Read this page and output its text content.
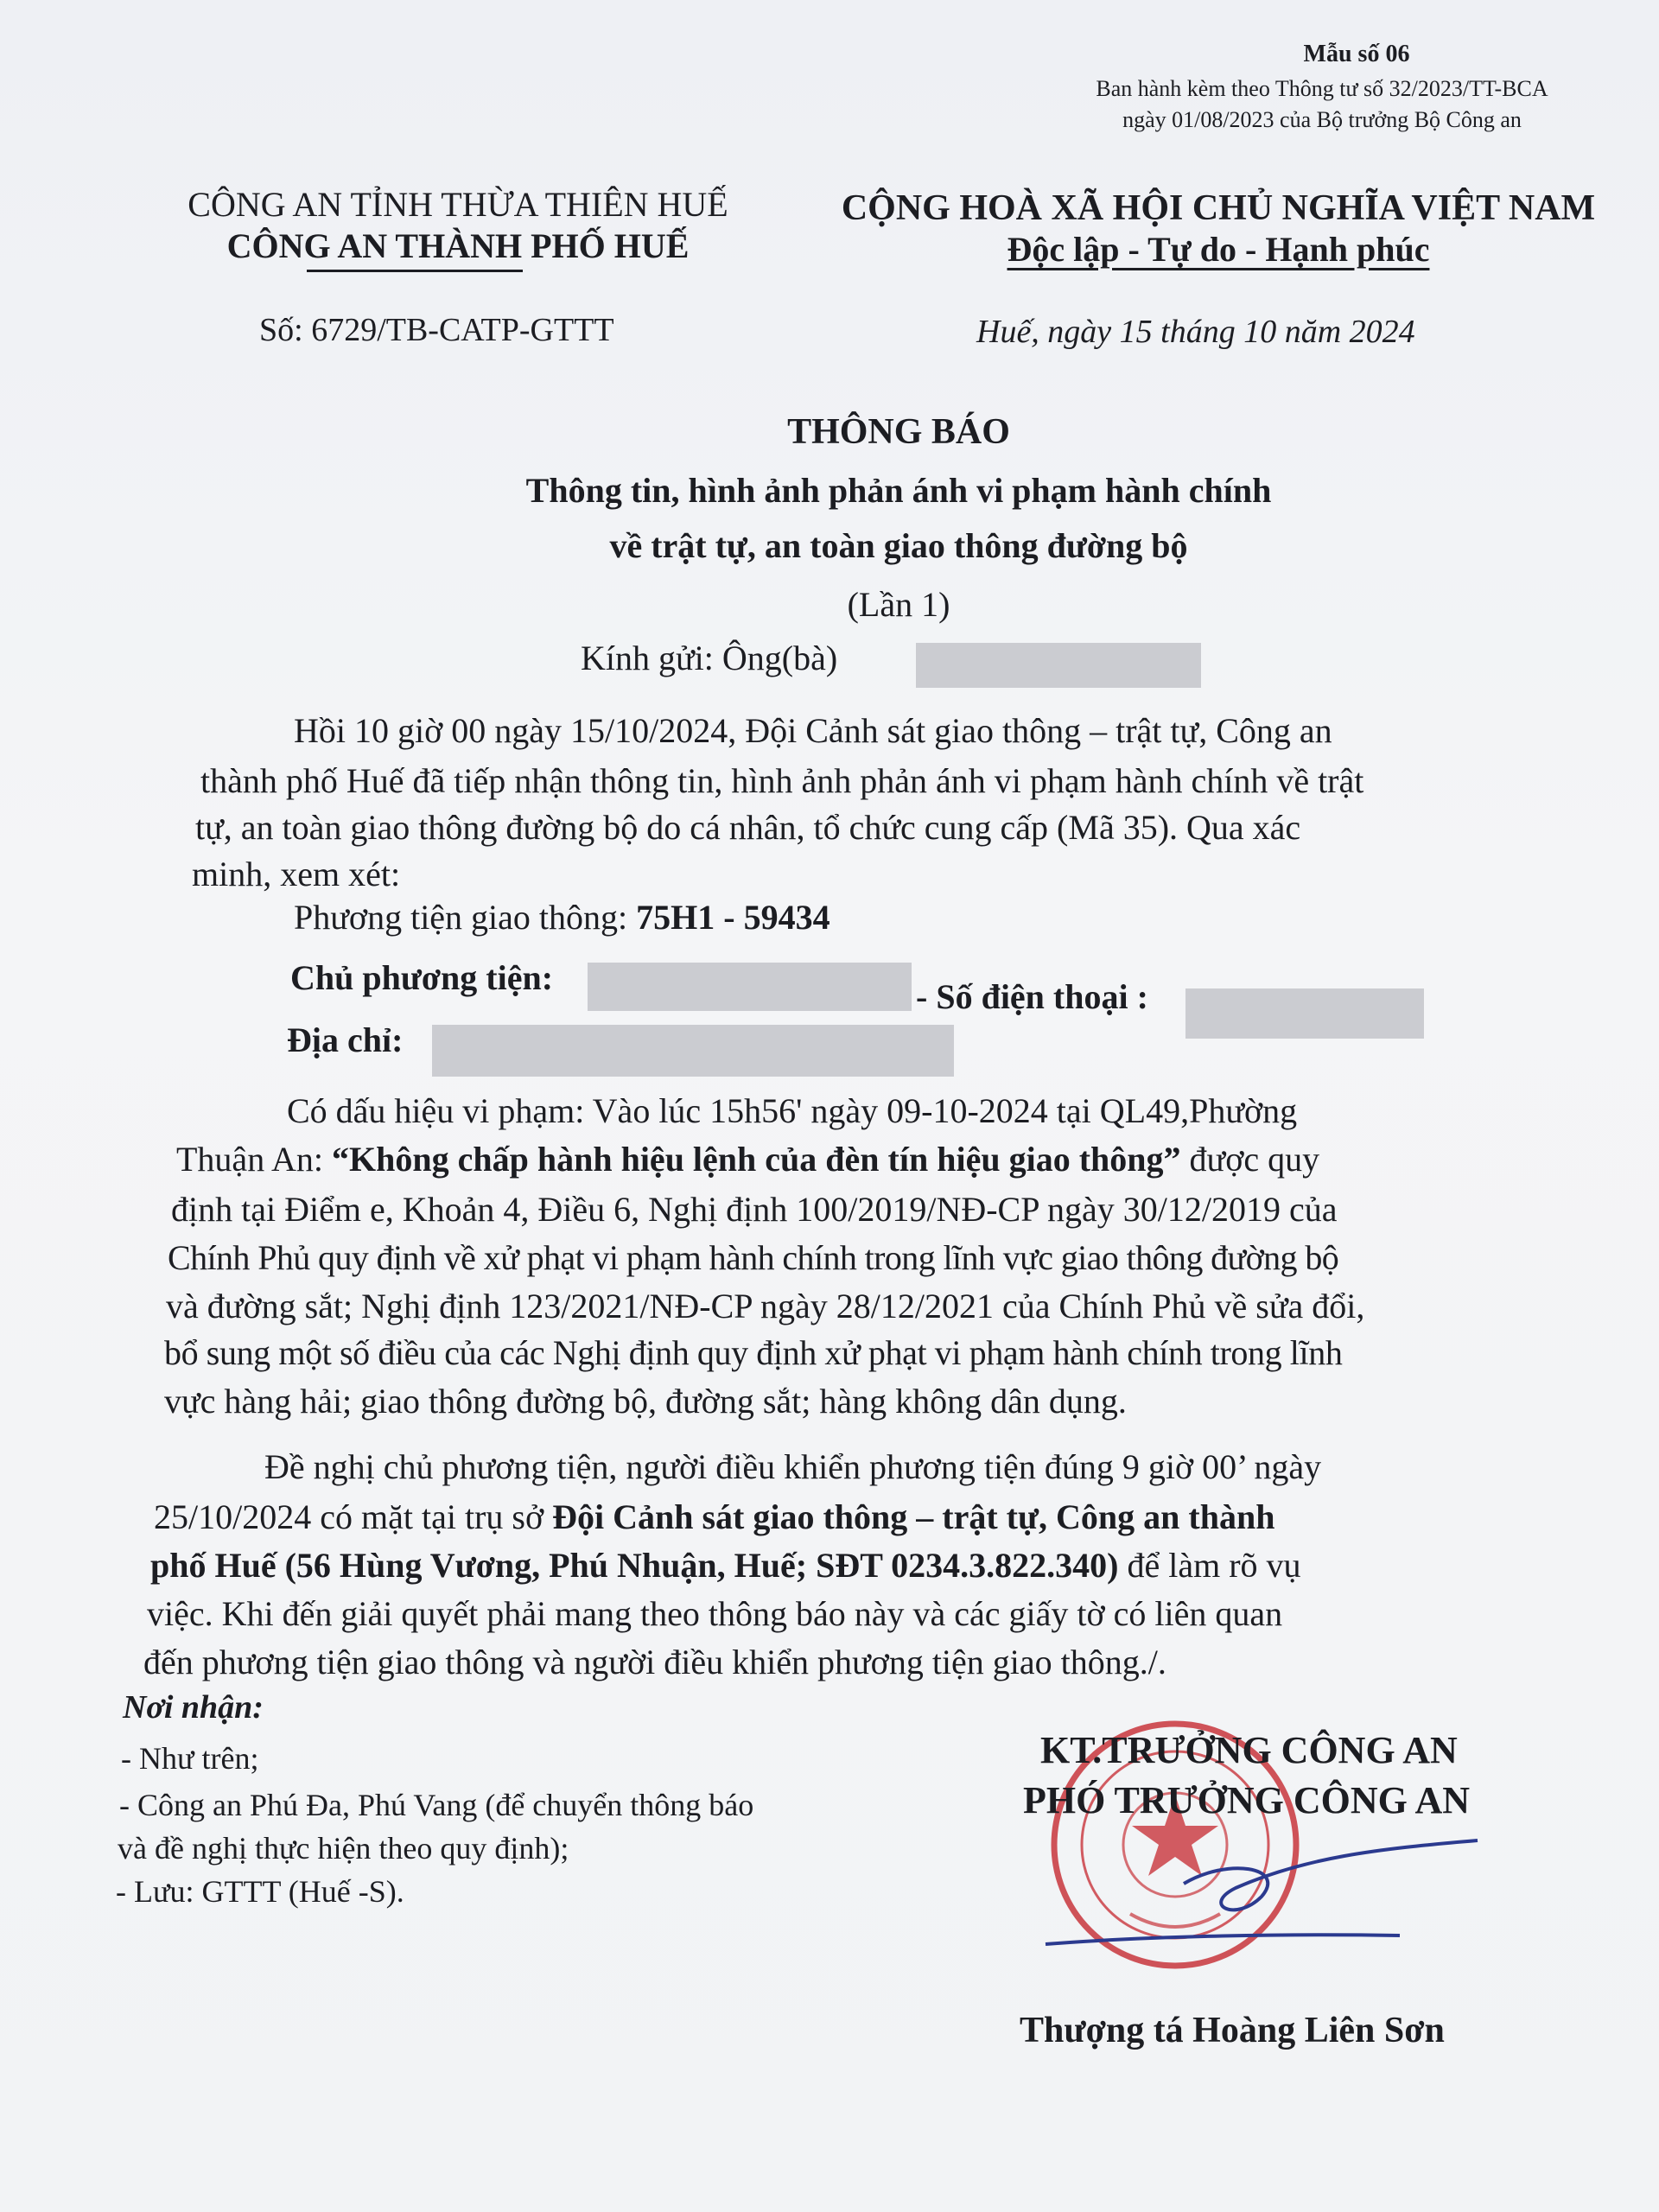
Mẫu số 06
Ban hành kèm theo Thông tư số 32/2023/TT-BCA
ngày 01/08/2023 của Bộ trưởng Bộ Công an
CÔNG AN TỈNH THỪA THIÊN HUẾ
CÔNG AN THÀNH PHỐ HUẾ
Số: 6729/TB-CATP-GTTT
CỘNG HOÀ XÃ HỘI CHỦ NGHĨA VIỆT NAM
Độc lập - Tự do - Hạnh phúc
Huế, ngày 15 tháng 10 năm 2024
THÔNG BÁO
Thông tin, hình ảnh phản ánh vi phạm hành chính
về trật tự, an toàn giao thông đường bộ
(Lần 1)
Kính gửi: Ông(bà)
Hồi 10 giờ 00 ngày 15/10/2024, Đội Cảnh sát giao thông – trật tự, Công an
thành phố Huế đã tiếp nhận thông tin, hình ảnh phản ánh vi phạm hành chính về trật
tự, an toàn giao thông đường bộ do cá nhân, tổ chức cung cấp (Mã 35). Qua xác
minh, xem xét:
Phương tiện giao thông: 75H1 - 59434
Chủ phương tiện:	- Số điện thoại :
Địa chỉ:
Có dấu hiệu vi phạm: Vào lúc 15h56' ngày 09-10-2024 tại QL49,Phường
Thuận An: “Không chấp hành hiệu lệnh của đèn tín hiệu giao thông” được quy
định tại Điểm e, Khoản 4, Điều 6, Nghị định 100/2019/NĐ-CP ngày 30/12/2019 của
Chính Phủ quy định về xử phạt vi phạm hành chính trong lĩnh vực giao thông đường bộ
và đường sắt; Nghị định 123/2021/NĐ-CP ngày 28/12/2021 của Chính Phủ về sửa đổi,
bổ sung một số điều của các Nghị định quy định xử phạt vi phạm hành chính trong lĩnh
vực hàng hải; giao thông đường bộ, đường sắt; hàng không dân dụng.
Đề nghị chủ phương tiện, người điều khiển phương tiện đúng 9 giờ 00’ ngày
25/10/2024 có mặt tại trụ sở Đội Cảnh sát giao thông – trật tự, Công an thành
phố Huế (56 Hùng Vương, Phú Nhuận, Huế; SĐT 0234.3.822.340) để làm rõ vụ
việc. Khi đến giải quyết phải mang theo thông báo này và các giấy tờ có liên quan
đến phương tiện giao thông và người điều khiển phương tiện giao thông./.
Nơi nhận:
- Như trên;
- Công an Phú Đa, Phú Vang (để chuyển thông báo
và đề nghị thực hiện theo quy định);
- Lưu: GTTT (Huế -S).
KT.TRƯỞNG CÔNG AN
PHÓ TRƯỞNG CÔNG AN
Thượng tá Hoàng Liên Sơn
